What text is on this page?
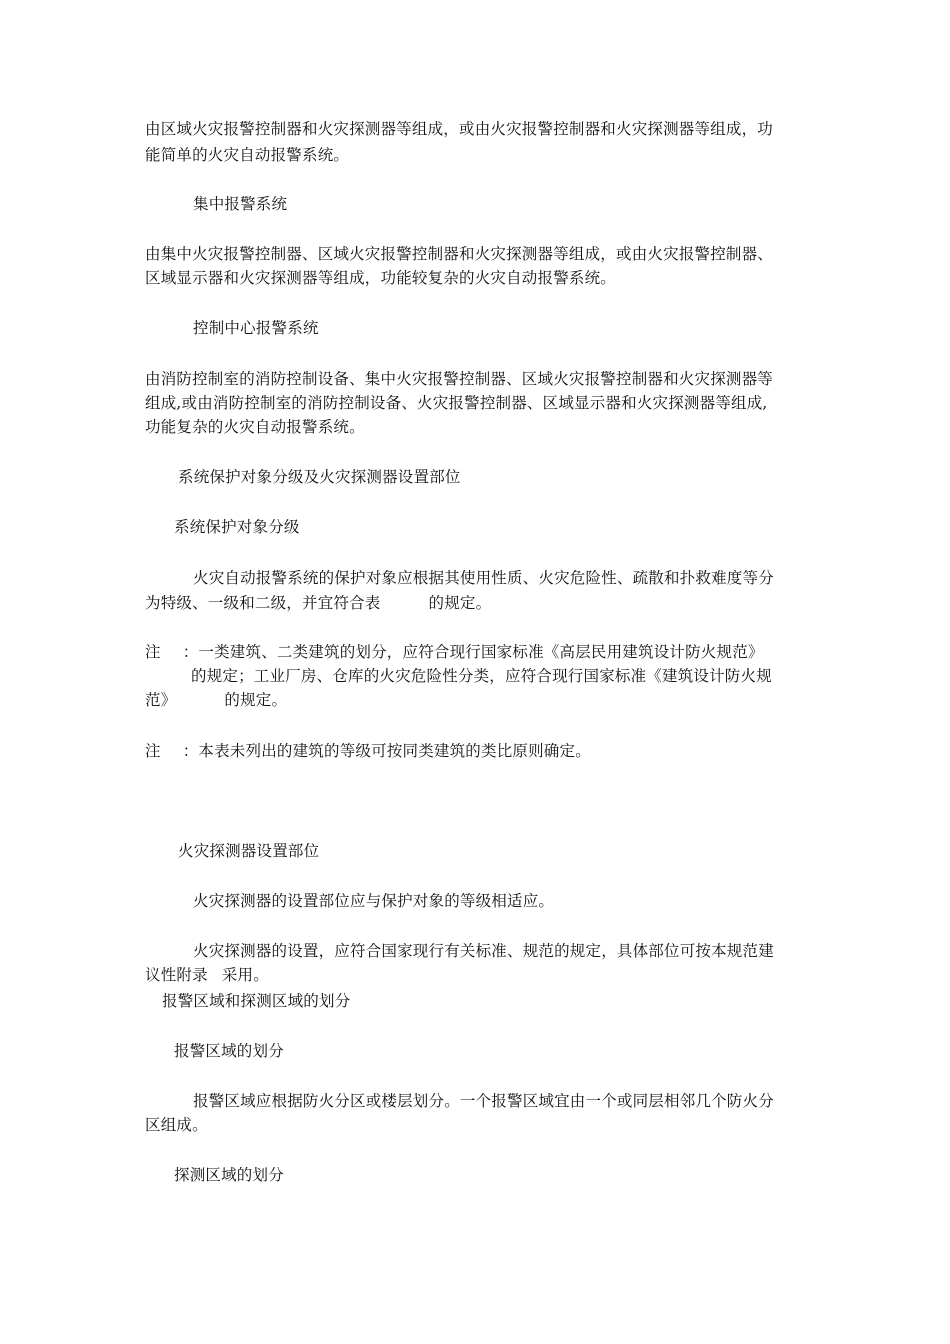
由区域火灾报警控制器和火灾探测器等组成，或由火灾报警控制器和火灾探测器等组成，功
能简单的火灾自动报警系统。
集中报警系统
由集中火灾报警控制器、区域火灾报警控制器和火灾探测器等组成，或由火灾报警控制器、
区域显示器和火灾探测器等组成，功能较复杂的火灾自动报警系统。
控制中心报警系统
由消防控制室的消防控制设备、集中火灾报警控制器、区域火灾报警控制器和火灾探测器等
组成,或由消防控制室的消防控制设备、火灾报警控制器、区域显示器和火灾探测器等组成,
功能复杂的火灾自动报警系统。
系统保护对象分级及火灾探测器设置部位
系统保护对象分级
火灾自动报警系统的保护对象应根据其使用性质、火灾危险性、疏散和扑救难度等分
为特级、一级和二级，并宜符合表	的规定。
注 ：一类建筑、二类建筑的划分，应符合现行国家标准《高层民用建筑设计防火规范》
的规定；工业厂房、仓库的火灾危险性分类，应符合现行国家标准《建筑设计防火规
范》	的规定。
注 ：本表未列出的建筑的等级可按同类建筑的类比原则确定。
火灾探测器设置部位
火灾探测器的设置部位应与保护对象的等级相适应。
火灾探测器的设置，应符合国家现行有关标准、规范的规定，具体部位可按本规范建
议性附录 采用。
报警区域和探测区域的划分
报警区域的划分
报警区域应根据防火分区或楼层划分。一个报警区域宜由一个或同层相邻几个防火分
区组成。
探测区域的划分
